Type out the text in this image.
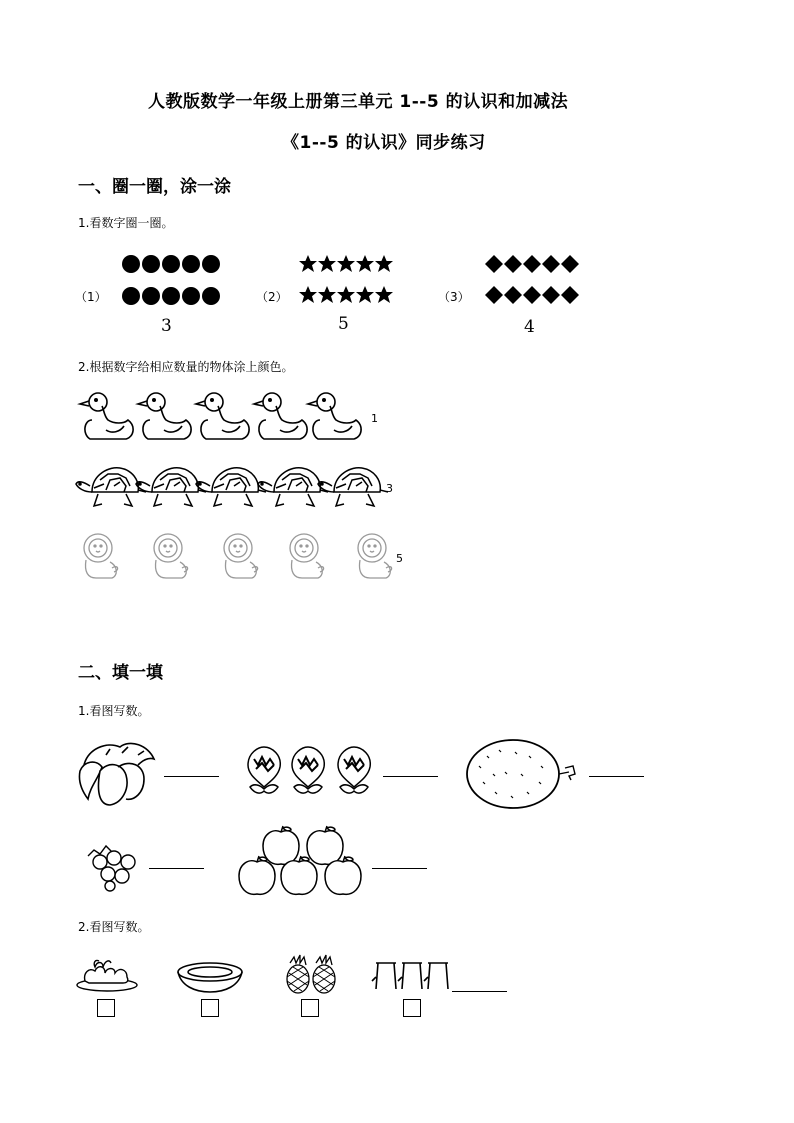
人教版数学一年级上册第三单元 1--5 的认识和加减法
《1--5 的认识》同步练习
一、圈一圈，涂一涂
1.看数字圈一圈。
（1）
3
（2）
5
（3）
4
2.根据数字给相应数量的物体涂上颜色。
1
3
5
二、填一填
1.看图写数。
2.看图写数。
